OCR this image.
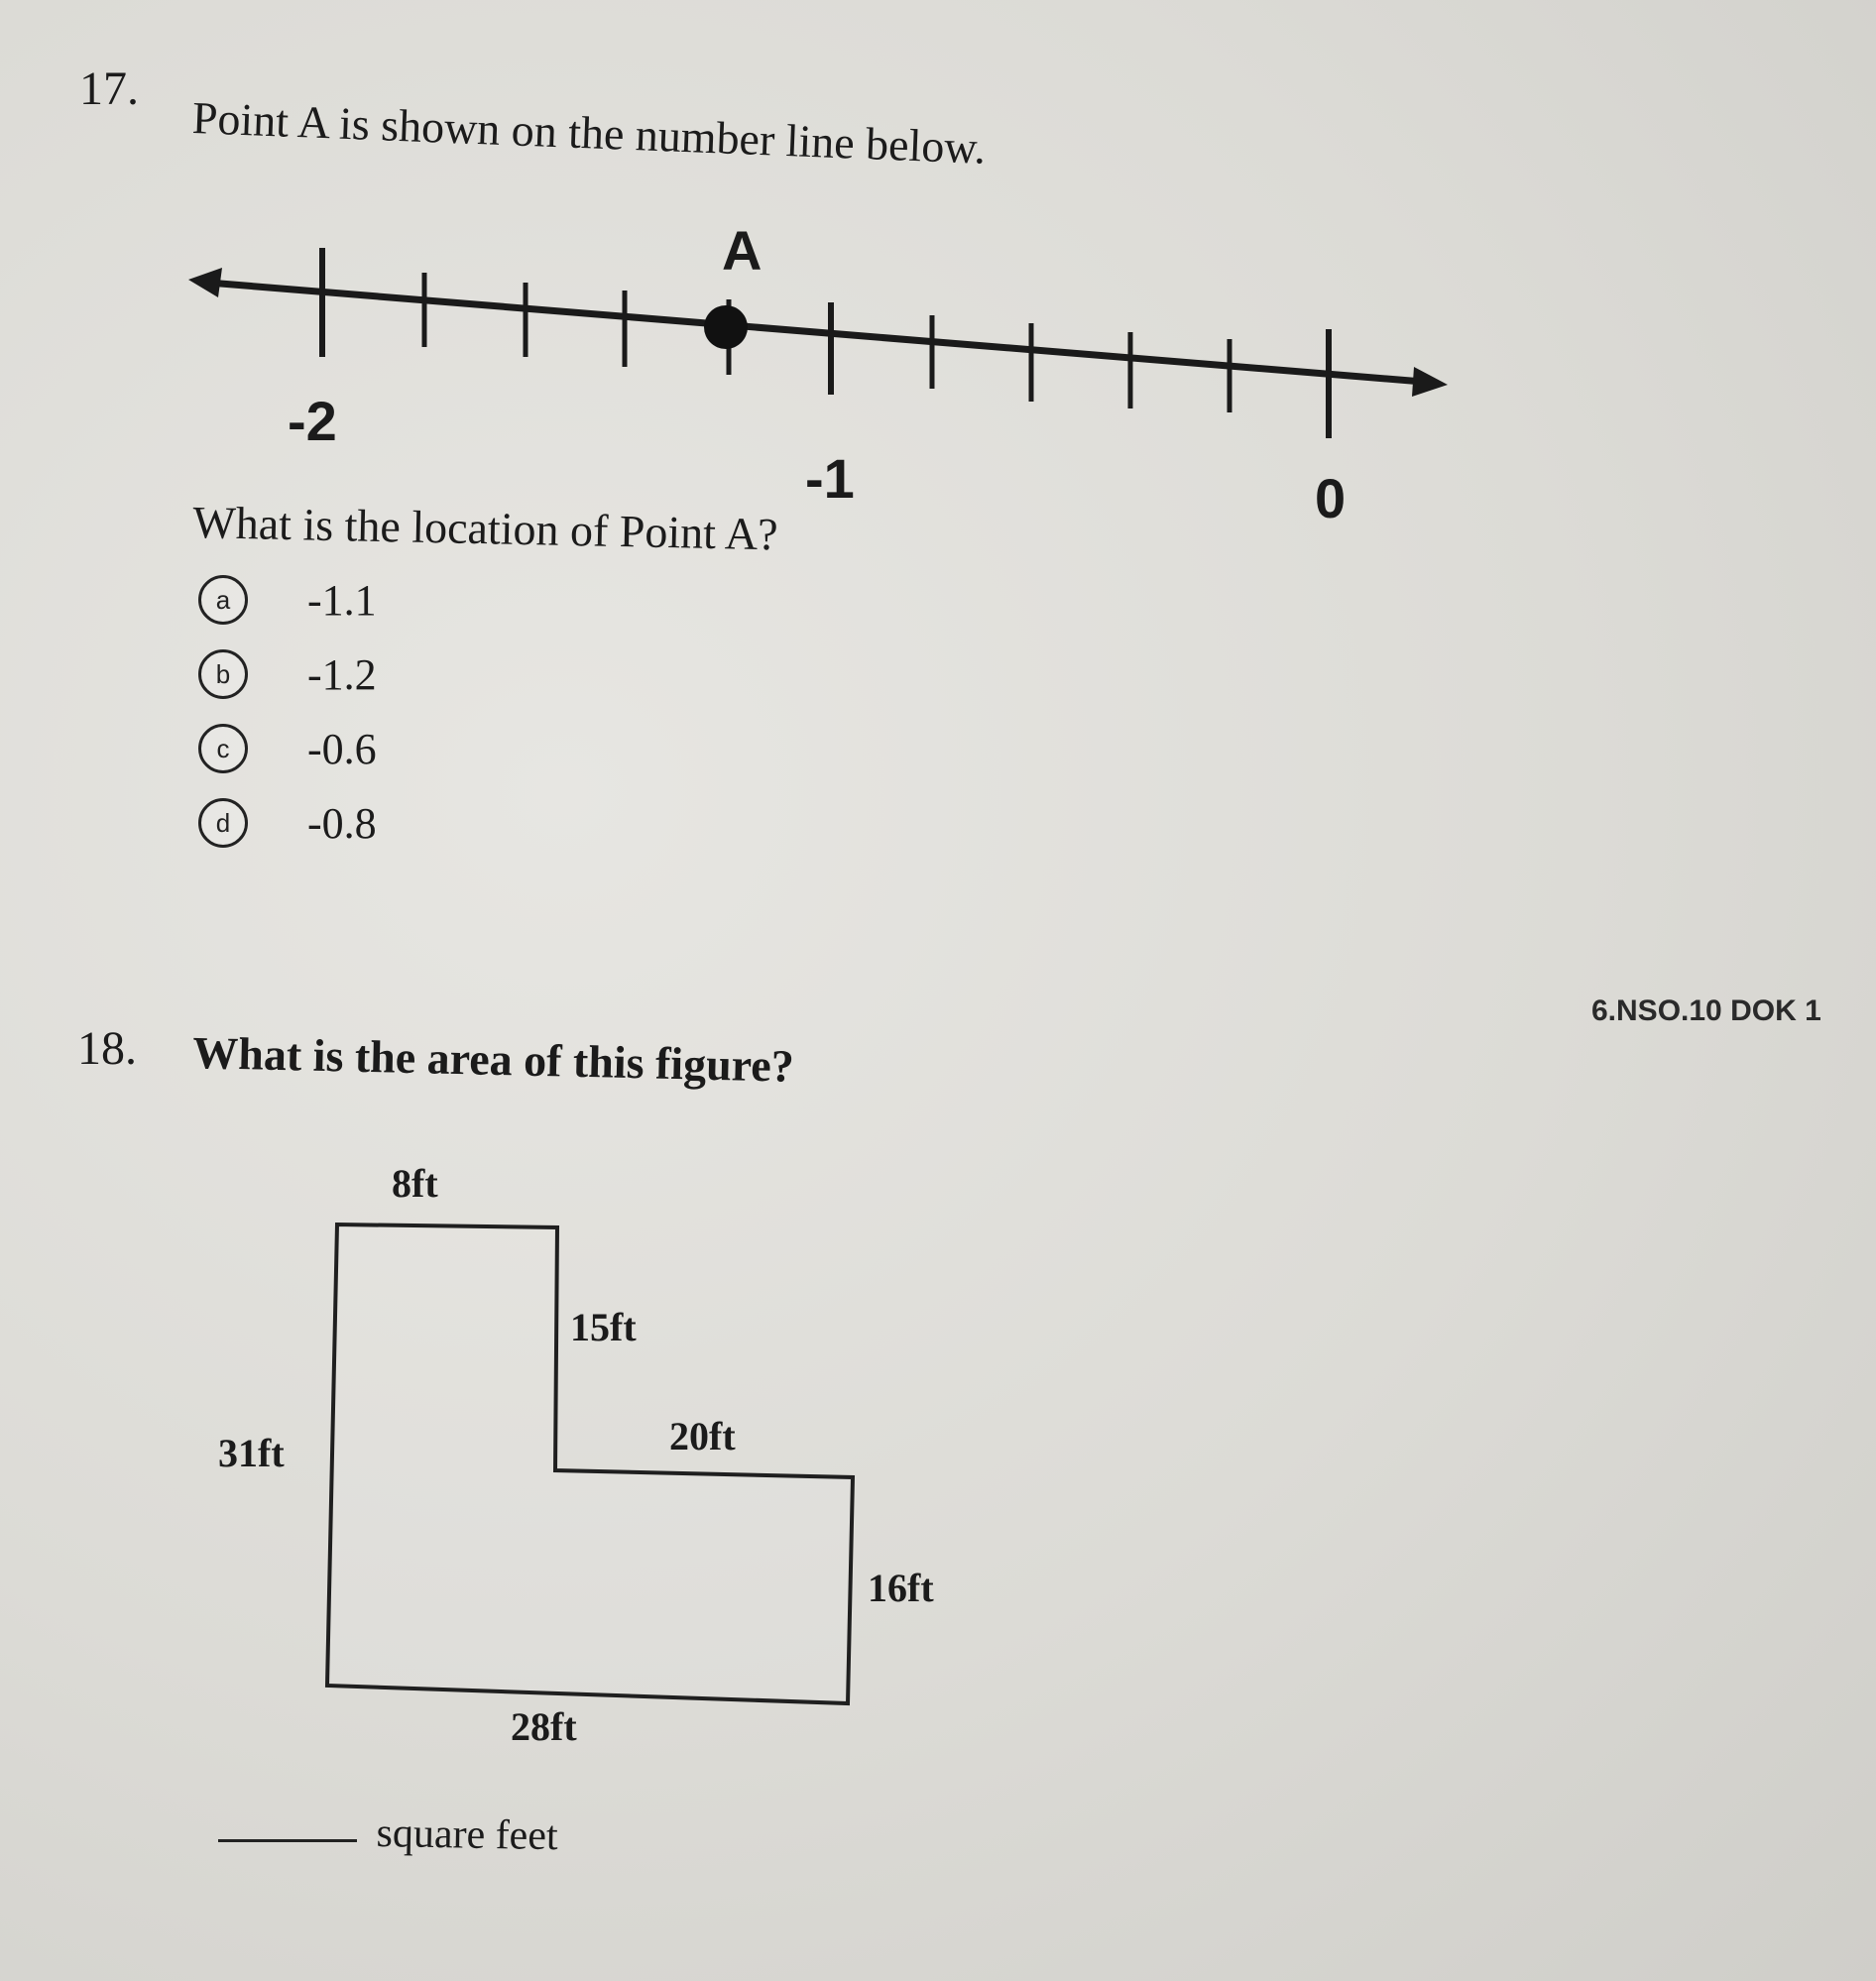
17.
Point A is shown on the number line below.
A
-2
-1	0
What is the location of Point A?
a	-1.1
b	-1.2
c	-0.6
d	-0.8
6.NSO.10 DOK 1
18. What is the area of this figure?
8ft
15ft
31ft	20ft
16ft
28ft
square feet
